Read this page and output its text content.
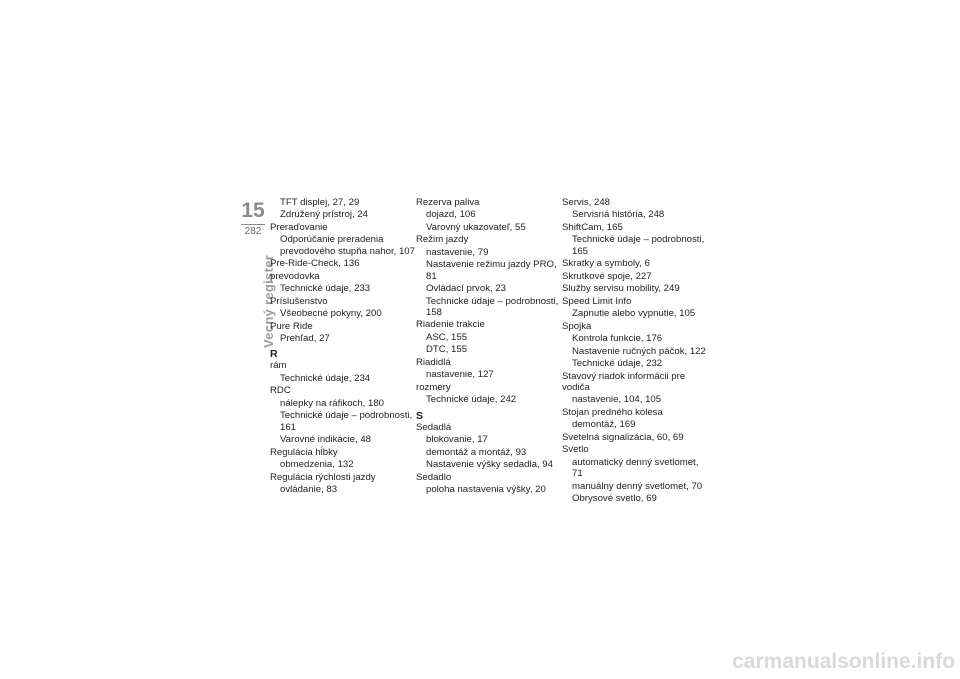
15
282
Vecný register
TFT displej, 27, 29
Združený prístroj, 24
Preraďovanie
Odporúčanie preradenia prevodového stupňa nahor, 107
Pre-Ride-Check, 136
prevodovka
Technické údaje, 233
Príslušenstvo
Všeobecné pokyny, 200
Pure Ride
Prehľad, 27
R
rám
Technické údaje, 234
RDC
nálepky na ráfikoch, 180
Technické údaje – podrobnosti, 161
Varovné indikácie, 48
Regulácia hĺbky
obmedzenia, 132
Regulácia rýchlosti jazdy
ovládanie, 83
Rezerva paliva
dojazd, 106
Varovný ukazovateľ, 55
Režim jazdy
nastavenie, 79
Nastavenie režimu jazdy PRO, 81
Ovládací prvok, 23
Technické údaje – podrobnosti, 158
Riadenie trakcie
ASC, 155
DTC, 155
Riadidlá
nastavenie, 127
rozmery
Technické údaje, 242
S
Sedadlá
blokovanie, 17
demontáž a montáž, 93
Nastavenie výšky sedadla, 94
Sedadlo
poloha nastavenia výšky, 20
Servis, 248
Servisná história, 248
ShiftCam, 165
Technické údaje – podrobnosti, 165
Skratky a symboly, 6
Skrutkové spoje, 227
Služby servisu mobility, 249
Speed Limit Info
Zapnutie alebo vypnutie, 105
Spojka
Kontrola funkcie, 176
Nastavenie ručných páčok, 122
Technické údaje, 232
Stavový riadok informácii pre vodiča
nastavenie, 104, 105
Stojan predného kolesa
demontáž, 169
Svetelná signalizácia, 60, 69
Svetlo
automatický denný svetlomet, 71
manuálny denný svetlomet, 70
Obrysové svetlo, 69
carmanualsonline.info
